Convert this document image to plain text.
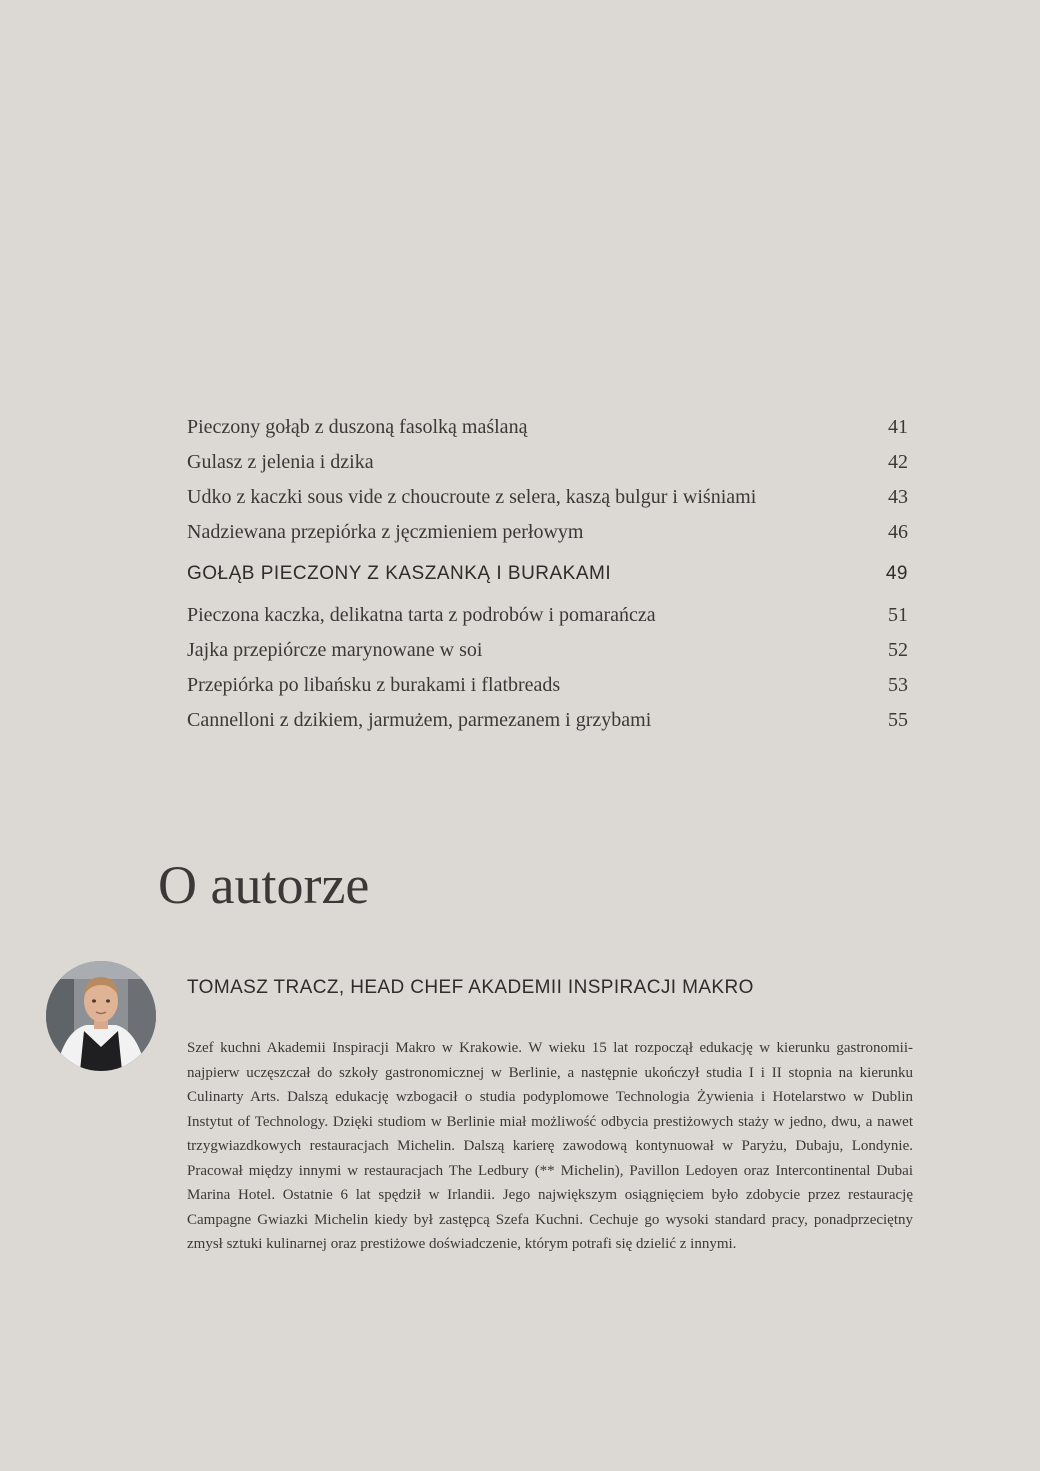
Pieczony gołąb z duszoną fasolką maślaną	41
Gulasz z jelenia i dzika	42
Udko z kaczki sous vide z choucroute z selera, kaszą bulgur i wiśniami	43
Nadziewana przepiórka z jęczmieniem perłowym	46
GOŁĄB PIECZONY Z KASZANKĄ I BURAKAMI	49
Pieczona kaczka, delikatna tarta z podrobów i pomarańcza	51
Jajka przepiórcze marynowane w soi	52
Przepiórka po libańsku z burakami i flatbreads	53
Cannelloni z dzikiem, jarmużem, parmezanem i grzybami	55
O autorze
TOMASZ TRACZ, HEAD CHEF AKADEMII INSPIRACJI MAKRO

Szef kuchni Akademii Inspiracji Makro w Krakowie. W wieku 15 lat rozpoczął edukację w kierunku gastronomii- najpierw uczęszczał do szkoły gastronomicznej w Berlinie, a następnie ukończył studia I i II stopnia na kierunku Culinarty Arts. Dalszą edukację wzbogacił o studia podyplomowe Technologia Żywienia i Hotelarstwo w Dublin Instytut of Technology. Dzięki studiom w Berlinie miał możliwość odbycia prestiżowych staży w jedno, dwu, a nawet trzygwiazdkowych restauracjach Michelin. Dalszą karierę zawodową kontynuował w Paryżu, Dubaju, Londynie. Pracował między innymi w restauracjach The Ledbury (** Michelin), Pavillon Ledoyen oraz Intercontinental Dubai Marina Hotel. Ostatnie 6 lat spędził w Irlandii. Jego największym osiągnięciem było zdobycie przez restaurację Campagne Gwiazki Michelin kiedy był zastępcą Szefa Kuchni. Cechuje go wysoki standard pracy, ponadprzeciętny zmysł sztuki kulinarnej oraz prestiżowe doświadczenie, którym potrafi się dzielić z innymi.
